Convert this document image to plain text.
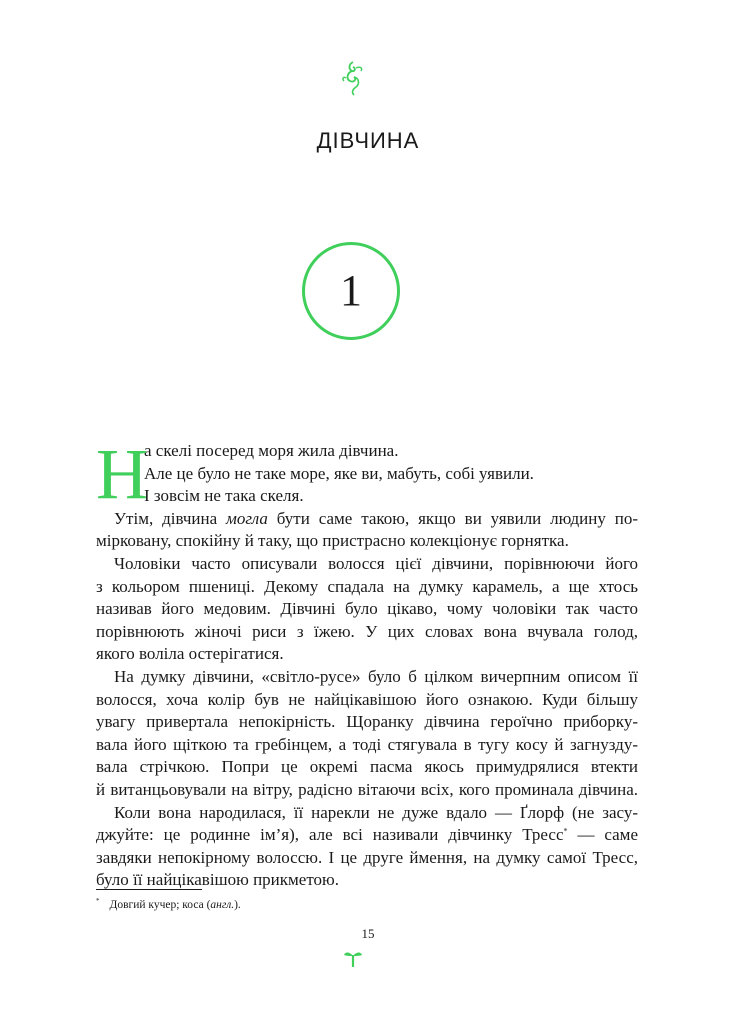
ДІВЧИНА
1
Н
а скелі посеред моря жила дівчина.
Але це було не таке море, яке ви, мабуть, собі уявили.
І зовсім не така скеля.
Утім, дівчина могла бути саме такою, якщо ви уявили людину по-
мірковану, спокійну й таку, що пристрасно колекціонує горнятка.
Чоловіки часто описували волосся цієї дівчини, порівнюючи його
з кольором пшениці. Декому спадала на думку карамель, а ще хтось
називав його медовим. Дівчині було цікаво, чому чоловіки так часто
порівнюють жіночі риси з їжею. У цих словах вона вчувала голод,
якого воліла остерігатися.
На думку дівчини, «світло-русе» було б цілком вичерпним описом її
волосся, хоча колір був не найцікавішою його ознакою. Куди більшу
увагу привертала непокірність. Щоранку дівчина героїчно приборку-
вала його щіткою та гребінцем, а тоді стягувала в тугу косу й загнузду-
вала стрічкою. Попри це окремі пасма якось примудрялися втекти
й витанцьовували на вітру, радісно вітаючи всіх, кого проминала дівчина.
Коли вона народилася, її нарекли не дуже вдало — Ґлорф (не засу-
джуйте: це родинне ім’я), але всі називали дівчинку Тресс* — саме
завдяки непокірному волоссю. І це друге ймення, на думку самої Тресс,
було її найцікавішою прикметою.
* Довгий кучер; коса (англ.).
15
